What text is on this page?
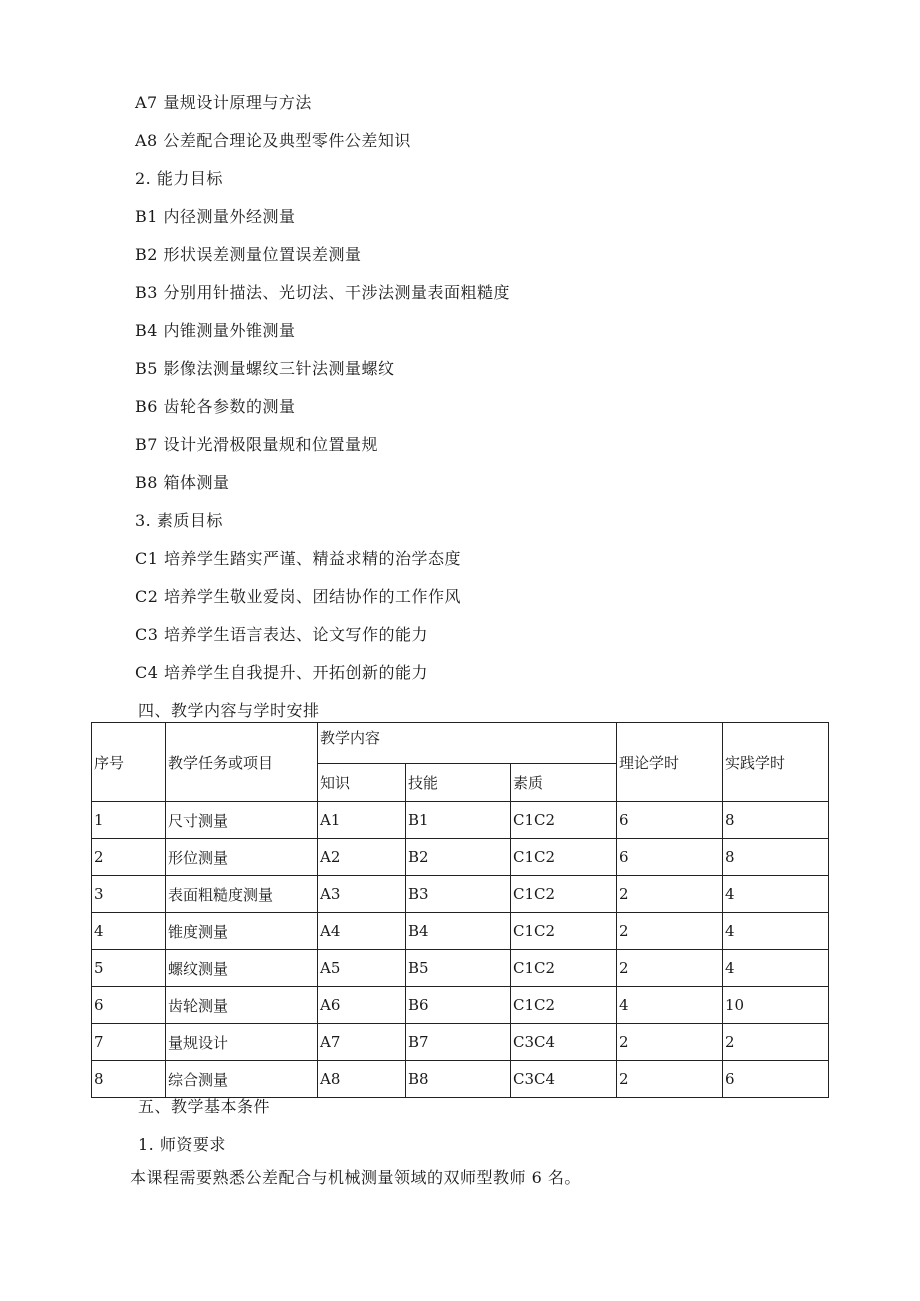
A7 量规设计原理与方法
A8 公差配合理论及典型零件公差知识
2. 能力目标
B1 内径测量外经测量
B2 形状误差测量位置误差测量
B3 分别用针描法、光切法、干涉法测量表面粗糙度
B4 内锥测量外锥测量
B5 影像法测量螺纹三针法测量螺纹
B6 齿轮各参数的测量
B7 设计光滑极限量规和位置量规
B8 箱体测量
3. 素质目标
C1 培养学生踏实严谨、精益求精的治学态度
C2 培养学生敬业爱岗、团结协作的工作作风
C3 培养学生语言表达、论文写作的能力
C4 培养学生自我提升、开拓创新的能力
四、教学内容与学时安排
序号	教学任务或项目	教学内容			理论学时	实践学时
		知识	技能	素质		
1	尺寸测量	A1	B1	C1C2	6	8
2	形位测量	A2	B2	C1C2	6	8
3	表面粗糙度测量	A3	B3	C1C2	2	4
4	锥度测量	A4	B4	C1C2	2	4
5	螺纹测量	A5	B5	C1C2	2	4
6	齿轮测量	A6	B6	C1C2	4	10
7	量规设计	A7	B7	C3C4	2	2
8	综合测量	A8	B8	C3C4	2	6
五、教学基本条件
1. 师资要求
本课程需要熟悉公差配合与机械测量领域的双师型教师 6 名。
